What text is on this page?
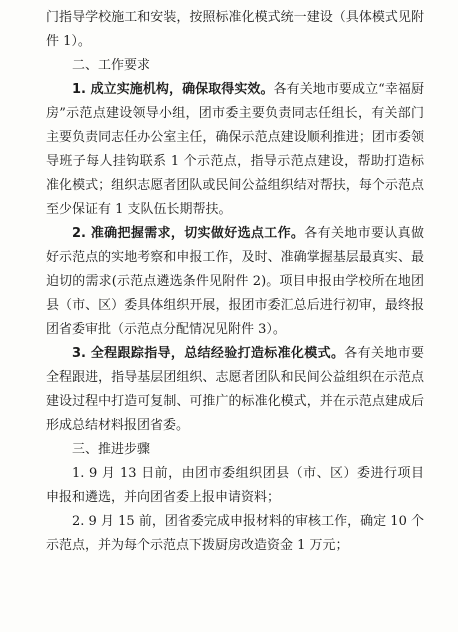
门指导学校施工和安装，按照标准化模式统一建设（具体模式见附件 1）。

二、工作要求

1. 成立实施机构，确保取得实效。各有关地市要成立“幸福厨房”示范点建设领导小组，团市委主要负责同志任组长，有关部门主要负责同志任办公室主任，确保示范点建设顺利推进；团市委领导班子每人挂钩联系 1 个示范点，指导示范点建设，帮助打造标准化模式；组织志愿者团队或民间公益组织结对帮扶，每个示范点至少保证有 1 支队伍长期帮扶。

2. 准确把握需求，切实做好选点工作。各有关地市要认真做好示范点的实地考察和申报工作，及时、准确掌握基层最真实、最迫切的需求(示范点遴选条件见附件 2)。项目申报由学校所在地团县（市、区）委具体组织开展，报团市委汇总后进行初审，最终报团省委审批（示范点分配情况见附件 3）。

3. 全程跟踪指导，总结经验打造标准化模式。各有关地市要全程跟进，指导基层团组织、志愿者团队和民间公益组织在示范点建设过程中打造可复制、可推广的标准化模式，并在示范点建成后形成总结材料报团省委。

三、推进步骤

1. 9 月 13 日前，由团市委组织团县（市、区）委进行项目申报和遴选，并向团省委上报申请资料；

2. 9 月 15 前，团省委完成申报材料的审核工作，确定 10 个示范点，并为每个示范点下拨厨房改造资金 1 万元；
